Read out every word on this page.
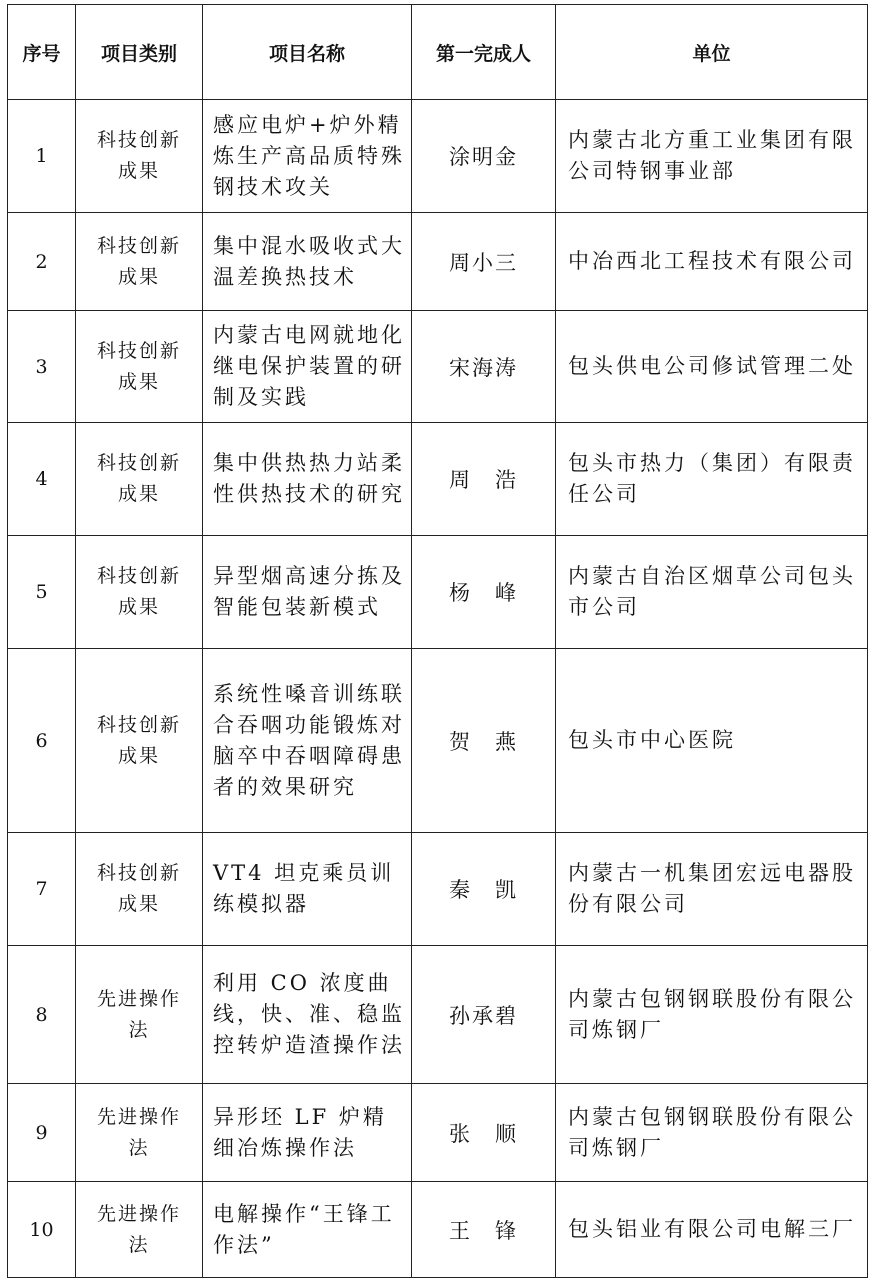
序号	项目类别	项目名称	第一完成人	单位
1	科技创新成果	感应电炉+炉外精炼生产高品质特殊钢技术攻关	涂明金	内蒙古北方重工业集团有限公司特钢事业部
2	科技创新成果	集中混水吸收式大温差换热技术	周小三	中冶西北工程技术有限公司
3	科技创新成果	内蒙古电网就地化继电保护装置的研制及实践	宋海涛	包头供电公司修试管理二处
4	科技创新成果	集中供热热力站柔性供热技术的研究	周　浩	包头市热力（集团）有限责任公司
5	科技创新成果	异型烟高速分拣及智能包装新模式	杨　峰	内蒙古自治区烟草公司包头市公司
6	科技创新成果	系统性嗓音训练联合吞咽功能锻炼对脑卒中吞咽障碍患者的效果研究	贺　燕	包头市中心医院
7	科技创新成果	VT4 坦克乘员训练模拟器	秦　凯	内蒙古一机集团宏远电器股份有限公司
8	先进操作法	利用 CO 浓度曲线，快、准、稳监控转炉造渣操作法	孙承碧	内蒙古包钢钢联股份有限公司炼钢厂
9	先进操作法	异形坯 LF 炉精细冶炼操作法	张　顺	内蒙古包钢钢联股份有限公司炼钢厂
10	先进操作法	电解操作“王锋工作法”	王　锋	包头铝业有限公司电解三厂
